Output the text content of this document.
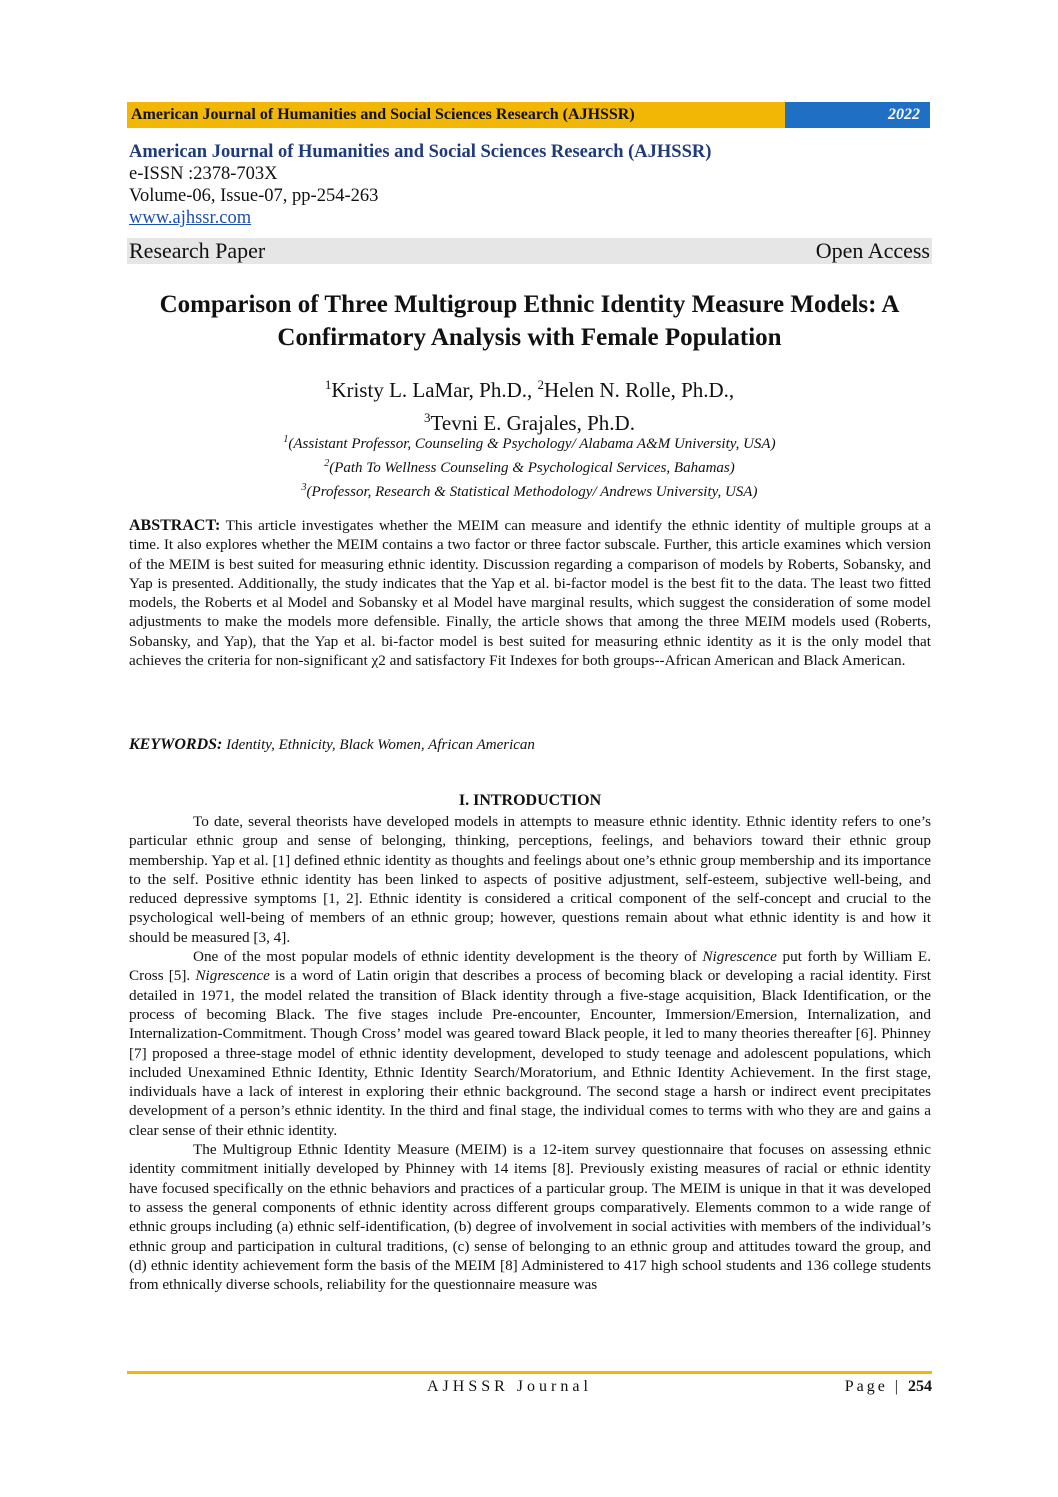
American Journal of Humanities and Social Sciences Research (AJHSSR)	2022
American Journal of Humanities and Social Sciences Research (AJHSSR)
e-ISSN :2378-703X
Volume-06, Issue-07, pp-254-263
www.ajhssr.com
Research Paper	Open Access
Comparison of Three Multigroup Ethnic Identity Measure Models: A Confirmatory Analysis with Female Population
$^1$Kristy L. LaMar, Ph.D., $^2$Helen N. Rolle, Ph.D.,
$^3$Tevni E. Grajales, Ph.D.
$^1$(Assistant Professor, Counseling & Psychology/ Alabama A&M University, USA)
$^2$(Path To Wellness Counseling & Psychological Services, Bahamas)
$^3$(Professor, Research & Statistical Methodology/ Andrews University, USA)
ABSTRACT: This article investigates whether the MEIM can measure and identify the ethnic identity of multiple groups at a time. It also explores whether the MEIM contains a two factor or three factor subscale. Further, this article examines which version of the MEIM is best suited for measuring ethnic identity. Discussion regarding a comparison of models by Roberts, Sobansky, and Yap is presented. Additionally, the study indicates that the Yap et al. bi-factor model is the best fit to the data. The least two fitted models, the Roberts et al Model and Sobansky et al Model have marginal results, which suggest the consideration of some model adjustments to make the models more defensible. Finally, the article shows that among the three MEIM models used (Roberts, Sobansky, and Yap), that the Yap et al. bi-factor model is best suited for measuring ethnic identity as it is the only model that achieves the criteria for non-significant χ2 and satisfactory Fit Indexes for both groups--African American and Black American.
KEYWORDS: Identity, Ethnicity, Black Women, African American
I. INTRODUCTION

To date, several theorists have developed models in attempts to measure ethnic identity. Ethnic identity refers to one’s particular ethnic group and sense of belonging, thinking, perceptions, feelings, and behaviors toward their ethnic group membership. Yap et al. [1] defined ethnic identity as thoughts and feelings about one’s ethnic group membership and its importance to the self. Positive ethnic identity has been linked to aspects of positive adjustment, self-esteem, subjective well-being, and reduced depressive symptoms [1, 2]. Ethnic identity is considered a critical component of the self-concept and crucial to the psychological well-being of members of an ethnic group; however, questions remain about what ethnic identity is and how it should be measured [3, 4].

One of the most popular models of ethnic identity development is the theory of Nigrescence put forth by William E. Cross [5]. Nigrescence is a word of Latin origin that describes a process of becoming black or developing a racial identity. First detailed in 1971, the model related the transition of Black identity through a five-stage acquisition, Black Identification, or the process of becoming Black. The five stages include Pre-encounter, Encounter, Immersion/Emersion, Internalization, and Internalization-Commitment. Though Cross’ model was geared toward Black people, it led to many theories thereafter [6]. Phinney [7] proposed a three-stage model of ethnic identity development, developed to study teenage and adolescent populations, which included Unexamined Ethnic Identity, Ethnic Identity Search/Moratorium, and Ethnic Identity Achievement. In the first stage, individuals have a lack of interest in exploring their ethnic background. The second stage a harsh or indirect event precipitates development of a person’s ethnic identity. In the third and final stage, the individual comes to terms with who they are and gains a clear sense of their ethnic identity.

The Multigroup Ethnic Identity Measure (MEIM) is a 12-item survey questionnaire that focuses on assessing ethnic identity commitment initially developed by Phinney with 14 items [8]. Previously existing measures of racial or ethnic identity have focused specifically on the ethnic behaviors and practices of a particular group. The MEIM is unique in that it was developed to assess the general components of ethnic identity across different groups comparatively. Elements common to a wide range of ethnic groups including (a) ethnic self-identification, (b) degree of involvement in social activities with members of the individual’s ethnic group and participation in cultural traditions, (c) sense of belonging to an ethnic group and attitudes toward the group, and (d) ethnic identity achievement form the basis of the MEIM [8] Administered to 417 high school students and 136 college students from ethnically diverse schools, reliability for the questionnaire measure was

AJHSSR Journal	Page | 254
